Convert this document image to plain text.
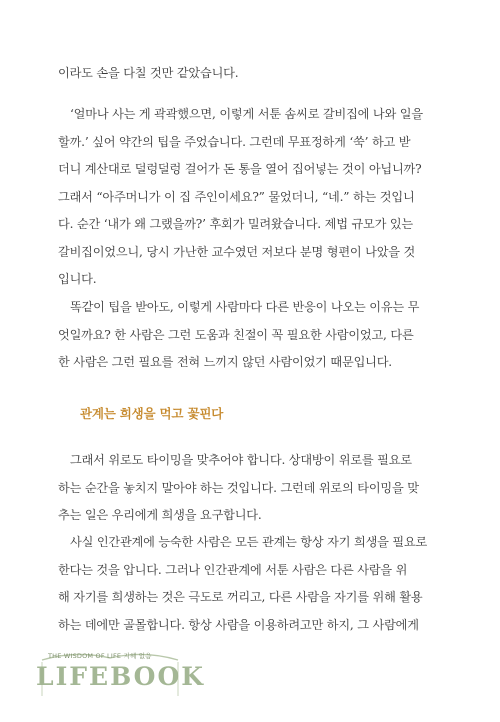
이라도 손을 다칠 것만 같았습니다.

‘얼마나 사는 게 곽곽했으면, 이렇게 서툰 솜씨로 갈비집에 나와 일을
할까.’ 싶어 약간의 팁을 주었습니다. 그런데 무표정하게 ‘쑥’ 하고 받
더니 계산대로 덜렁덜렁 걸어가 돈 통을 열어 집어넣는 것이 아닙니까?
그래서 “아주머니가 이 집 주인이세요?” 물었더니, “네.” 하는 것입니
다. 순간 ‘내가 왜 그랬을까?’ 후회가 밀려왔습니다. 제법 규모가 있는
갈비집이었으니, 당시 가난한 교수였던 저보다 분명 형편이 나았을 것
입니다.

똑같이 팁을 받아도, 이렇게 사람마다 다른 반응이 나오는 이유는 무
엇일까요? 한 사람은 그런 도움과 친절이 꼭 필요한 사람이었고, 다른
한 사람은 그런 필요를 전혀 느끼지 않던 사람이었기 때문입니다.

관계는 희생을 먹고 꽃핀다

그래서 위로도 타이밍을 맞추어야 합니다. 상대방이 위로를 필요로
하는 순간을 놓치지 말아야 하는 것입니다. 그런데 위로의 타이밍을 맞
추는 일은 우리에게 희생을 요구합니다.

사실 인간관계에 능숙한 사람은 모든 관계는 항상 자기 희생을 필요로
한다는 것을 압니다. 그러나 인간관계에 서툰 사람은 다른 사람을 위
해 자기를 희생하는 것은 극도로 꺼리고, 다른 사람을 자기를 위해 활용
하는 데에만 골몰합니다. 항상 사람을 이용하려고만 하지, 그 사람에게

THE WISDOM OF LIFE 지혜 없음
LIFEBOOK
